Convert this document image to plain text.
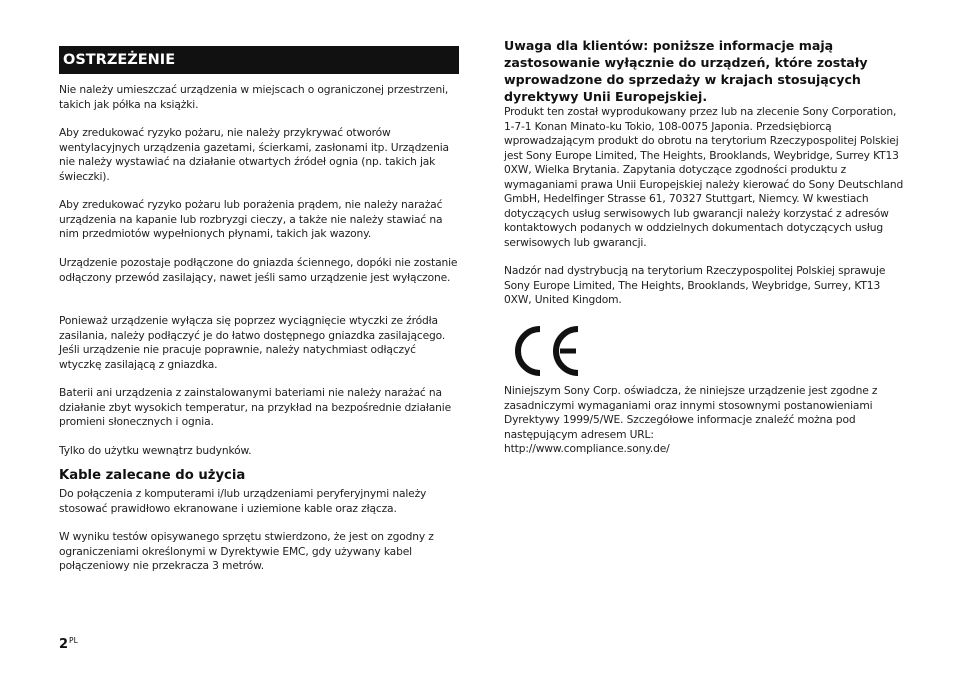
OSTRZEŻENIE

Nie należy umieszczać urządzenia w miejscach o ograniczonej przestrzeni, takich jak półka na książki.

Aby zredukować ryzyko pożaru, nie należy przykrywać otworów wentylacyjnych urządzenia gazetami, ścierkami, zasłonami itp. Urządzenia nie należy wystawiać na działanie otwartych źródeł ognia (np. takich jak świeczki).

Aby zredukować ryzyko pożaru lub porażenia prądem, nie należy narażać urządzenia na kapanie lub rozbryzgi cieczy, a także nie należy stawiać na nim przedmiotów wypełnionych płynami, takich jak wazony.

Urządzenie pozostaje podłączone do gniazda ściennego, dopóki nie zostanie odłączony przewód zasilający, nawet jeśli samo urządzenie jest wyłączone.

Ponieważ urządzenie wyłącza się poprzez wyciągnięcie wtyczki ze źródła zasilania, należy podłączyć je do łatwo dostępnego gniazdka zasilającego. Jeśli urządzenie nie pracuje poprawnie, należy natychmiast odłączyć wtyczkę zasilającą z gniazdka.

Baterii ani urządzenia z zainstalowanymi bateriami nie należy narażać na działanie zbyt wysokich temperatur, na przykład na bezpośrednie działanie promieni słonecznych i ognia.

Tylko do użytku wewnątrz budynków.

Kable zalecane do użycia

Do połączenia z komputerami i/lub urządzeniami peryferyjnymi należy stosować prawidłowo ekranowane i uziemione kable oraz złącza.

W wyniku testów opisywanego sprzętu stwierdzono, że jest on zgodny z ograniczeniami określonymi w Dyrektywie EMC, gdy używany kabel połączeniowy nie przekracza 3 metrów.

Uwaga dla klientów: poniższe informacje mają zastosowanie wyłącznie do urządzeń, które zostały wprowadzone do sprzedaży w krajach stosujących dyrektywy Unii Europejskiej.

Produkt ten został wyprodukowany przez lub na zlecenie Sony Corporation, 1-7-1 Konan Minato-ku Tokio, 108-0075 Japonia. Przedsiębiorcą wprowadzającym produkt do obrotu na terytorium Rzeczypospolitej Polskiej jest Sony Europe Limited, The Heights, Brooklands, Weybridge, Surrey KT13 0XW, Wielka Brytania. Zapytania dotyczące zgodności produktu z wymaganiami prawa Unii Europejskiej należy kierować do Sony Deutschland GmbH, Hedelfinger Strasse 61, 70327 Stuttgart, Niemcy. W kwestiach dotyczących usług serwisowych lub gwarancji należy korzystać z adresów kontaktowych podanych w oddzielnych dokumentach dotyczących usług serwisowych lub gwarancji.

Nadzór nad dystrybucją na terytorium Rzeczypospolitej Polskiej sprawuje Sony Europe Limited, The Heights, Brooklands, Weybridge, Surrey, KT13 0XW, United Kingdom.

Niniejszym Sony Corp. oświadcza, że niniejsze urządzenie jest zgodne z zasadniczymi wymaganiami oraz innymi stosownymi postanowieniami Dyrektywy 1999/5/WE. Szczegółowe informacje znaleźć można pod następującym adresem URL:

http://www.compliance.sony.de/

$2^{PL}$
